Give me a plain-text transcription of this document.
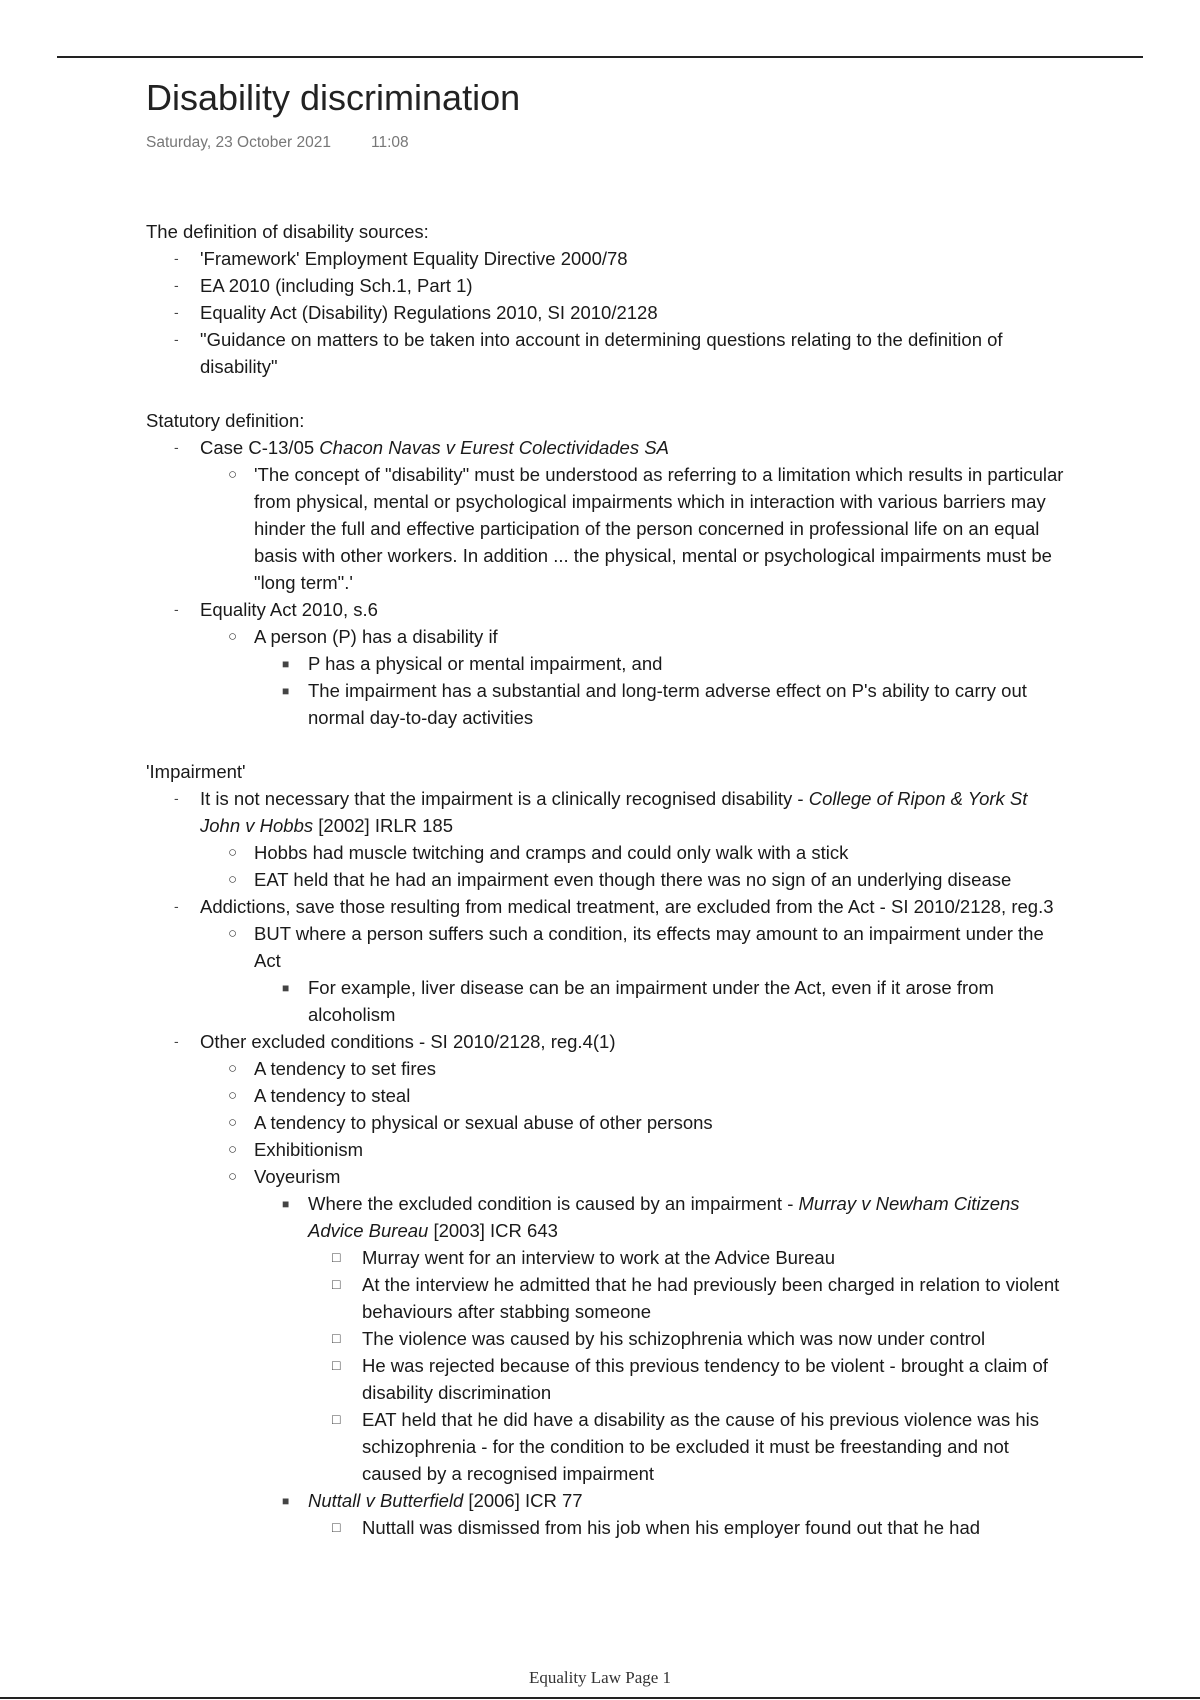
Disability discrimination
Saturday, 23 October 2021	11:08

The definition of disability sources:

-
'Framework' Employment Equality Directive 2000/78
-
EA 2010 (including Sch.1, Part 1)
-
Equality Act (Disability) Regulations 2010, SI 2010/2128
-
"Guidance on matters to be taken into account in determining questions relating to the definition of disability"

Statutory definition:

-
Case C-13/05 Chacon Navas v Eurest Colectividades SA
○
'The concept of "disability" must be understood as referring to a limitation which results in particular from physical, mental or psychological impairments which in interaction with various barriers may hinder the full and effective participation of the person concerned in professional life on an equal basis with other workers. In addition ... the physical, mental or psychological impairments must be "long term".'
-
Equality Act 2010, s.6
○
A person (P) has a disability if
■
P has a physical or mental impairment, and
■
The impairment has a substantial and long-term adverse effect on P's ability to carry out normal day-to-day activities

'Impairment'

-
It is not necessary that the impairment is a clinically recognised disability - College of Ripon & York St John v Hobbs [2002] IRLR 185
○
Hobbs had muscle twitching and cramps and could only walk with a stick
○
EAT held that he had an impairment even though there was no sign of an underlying disease
-
Addictions, save those resulting from medical treatment, are excluded from the Act - SI 2010/2128, reg.3
○
BUT where a person suffers such a condition, its effects may amount to an impairment under the Act
■
For example, liver disease can be an impairment under the Act, even if it arose from alcoholism
-
Other excluded conditions - SI 2010/2128, reg.4(1)
○
A tendency to set fires
○
A tendency to steal
○
A tendency to physical or sexual abuse of other persons
○
Exhibitionism
○
Voyeurism
■
Where the excluded condition is caused by an impairment - Murray v Newham Citizens Advice Bureau [2003] ICR 643
□
Murray went for an interview to work at the Advice Bureau
□
At the interview he admitted that he had previously been charged in relation to violent behaviours after stabbing someone
□
The violence was caused by his schizophrenia which was now under control
□
He was rejected because of this previous tendency to be violent - brought a claim of disability discrimination
□
EAT held that he did have a disability as the cause of his previous violence was his schizophrenia - for the condition to be excluded it must be freestanding and not caused by a recognised impairment
■
Nuttall v Butterfield [2006] ICR 77
□
Nuttall was dismissed from his job when his employer found out that he had
Equality Law Page 1
